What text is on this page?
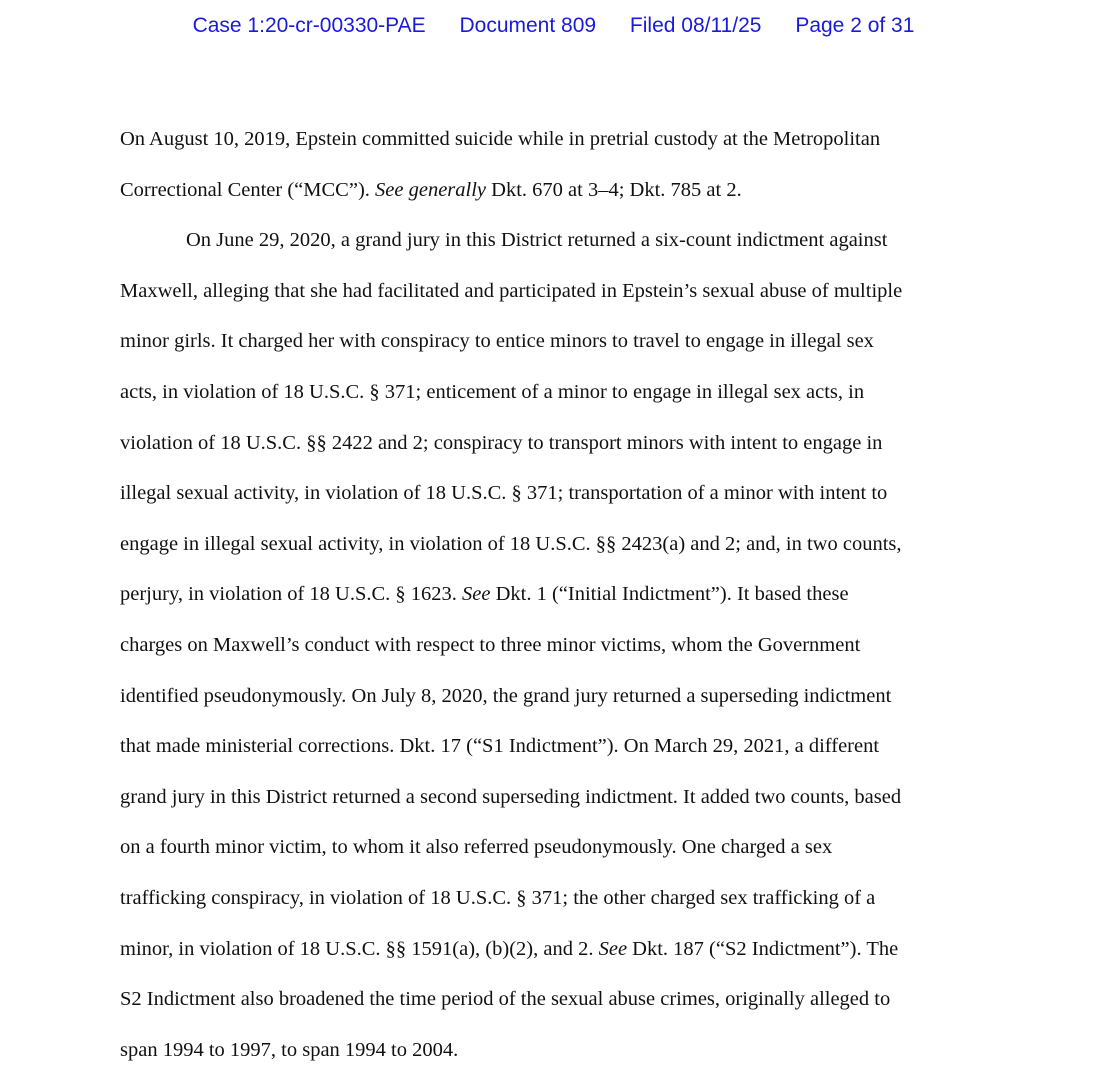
Case 1:20-cr-00330-PAE Document 809 Filed 08/11/25 Page 2 of 31
On August 10, 2019, Epstein committed suicide while in pretrial custody at the Metropolitan
Correctional Center (“MCC”). See generally Dkt. 670 at 3–4; Dkt. 785 at 2.
On June 29, 2020, a grand jury in this District returned a six-count indictment against
Maxwell, alleging that she had facilitated and participated in Epstein’s sexual abuse of multiple
minor girls. It charged her with conspiracy to entice minors to travel to engage in illegal sex
acts, in violation of 18 U.S.C. § 371; enticement of a minor to engage in illegal sex acts, in
violation of 18 U.S.C. §§ 2422 and 2; conspiracy to transport minors with intent to engage in
illegal sexual activity, in violation of 18 U.S.C. § 371; transportation of a minor with intent to
engage in illegal sexual activity, in violation of 18 U.S.C. §§ 2423(a) and 2; and, in two counts,
perjury, in violation of 18 U.S.C. § 1623. See Dkt. 1 (“Initial Indictment”). It based these
charges on Maxwell’s conduct with respect to three minor victims, whom the Government
identified pseudonymously. On July 8, 2020, the grand jury returned a superseding indictment
that made ministerial corrections. Dkt. 17 (“S1 Indictment”). On March 29, 2021, a different
grand jury in this District returned a second superseding indictment. It added two counts, based
on a fourth minor victim, to whom it also referred pseudonymously. One charged a sex
trafficking conspiracy, in violation of 18 U.S.C. § 371; the other charged sex trafficking of a
minor, in violation of 18 U.S.C. §§ 1591(a), (b)(2), and 2. See Dkt. 187 (“S2 Indictment”). The
S2 Indictment also broadened the time period of the sexual abuse crimes, originally alleged to
span 1994 to 1997, to span 1994 to 2004.
